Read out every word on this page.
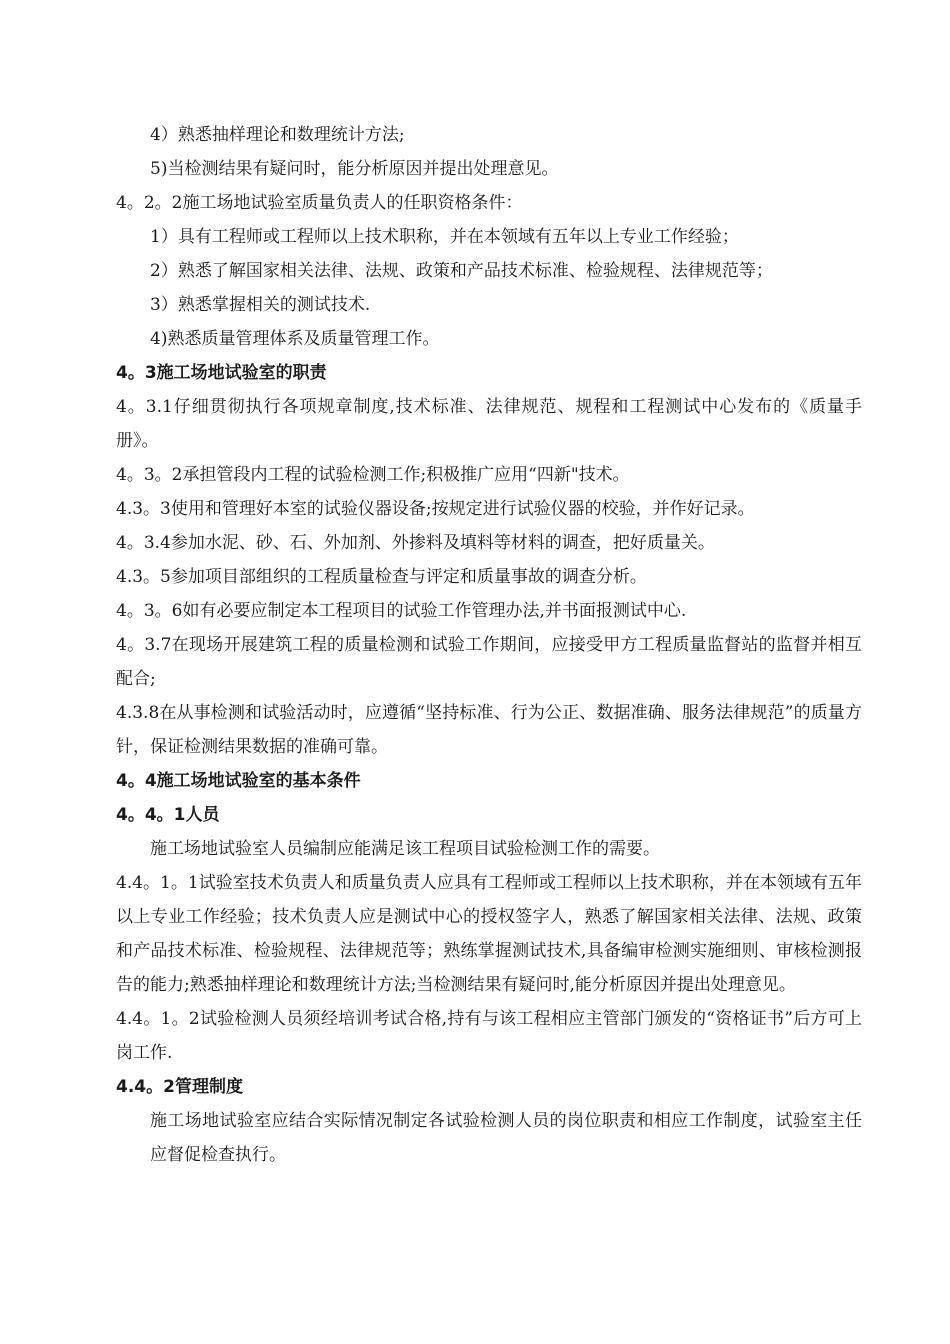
4）熟悉抽样理论和数理统计方法;

5)当检测结果有疑问时，能分析原因并提出处理意见。

4。2。2施工场地试验室质量负责人的任职资格条件：

1）具有工程师或工程师以上技术职称，并在本领域有五年以上专业工作经验；

2）熟悉了解国家相关法律、法规、政策和产品技术标准、检验规程、法律规范等；

3）熟悉掌握相关的测试技术.

4)熟悉质量管理体系及质量管理工作。

4。3施工场地试验室的职责

4。3.1仔细贯彻执行各项规章制度,技术标准、法律规范、规程和工程测试中心发布的《质量手册》。

4。3。2承担管段内工程的试验检测工作;积极推广应用“四新"技术。

4.3。3使用和管理好本室的试验仪器设备;按规定进行试验仪器的校验，并作好记录。

4。3.4参加水泥、砂、石、外加剂、外掺料及填料等材料的调查，把好质量关。

4.3。5参加项目部组织的工程质量检查与评定和质量事故的调查分析。

4。3。6如有必要应制定本工程项目的试验工作管理办法,并书面报测试中心.

4。3.7在现场开展建筑工程的质量检测和试验工作期间，应接受甲方工程质量监督站的监督并相互配合;

4.3.8在从事检测和试验活动时，应遵循“坚持标准、行为公正、数据准确、服务法律规范”的质量方针，保证检测结果数据的准确可靠。

4。4施工场地试验室的基本条件

4。4。1人员

施工场地试验室人员编制应能满足该工程项目试验检测工作的需要。

4.4。1。1试验室技术负责人和质量负责人应具有工程师或工程师以上技术职称，并在本领域有五年以上专业工作经验；技术负责人应是测试中心的授权签字人，熟悉了解国家相关法律、法规、政策和产品技术标准、检验规程、法律规范等；熟练掌握测试技术,具备编审检测实施细则、审核检测报告的能力;熟悉抽样理论和数理统计方法;当检测结果有疑问时,能分析原因并提出处理意见。

4.4。1。2试验检测人员须经培训考试合格,持有与该工程相应主管部门颁发的“资格证书”后方可上岗工作.

4.4。2管理制度

施工场地试验室应结合实际情况制定各试验检测人员的岗位职责和相应工作制度，试验室主任应督促检查执行。
